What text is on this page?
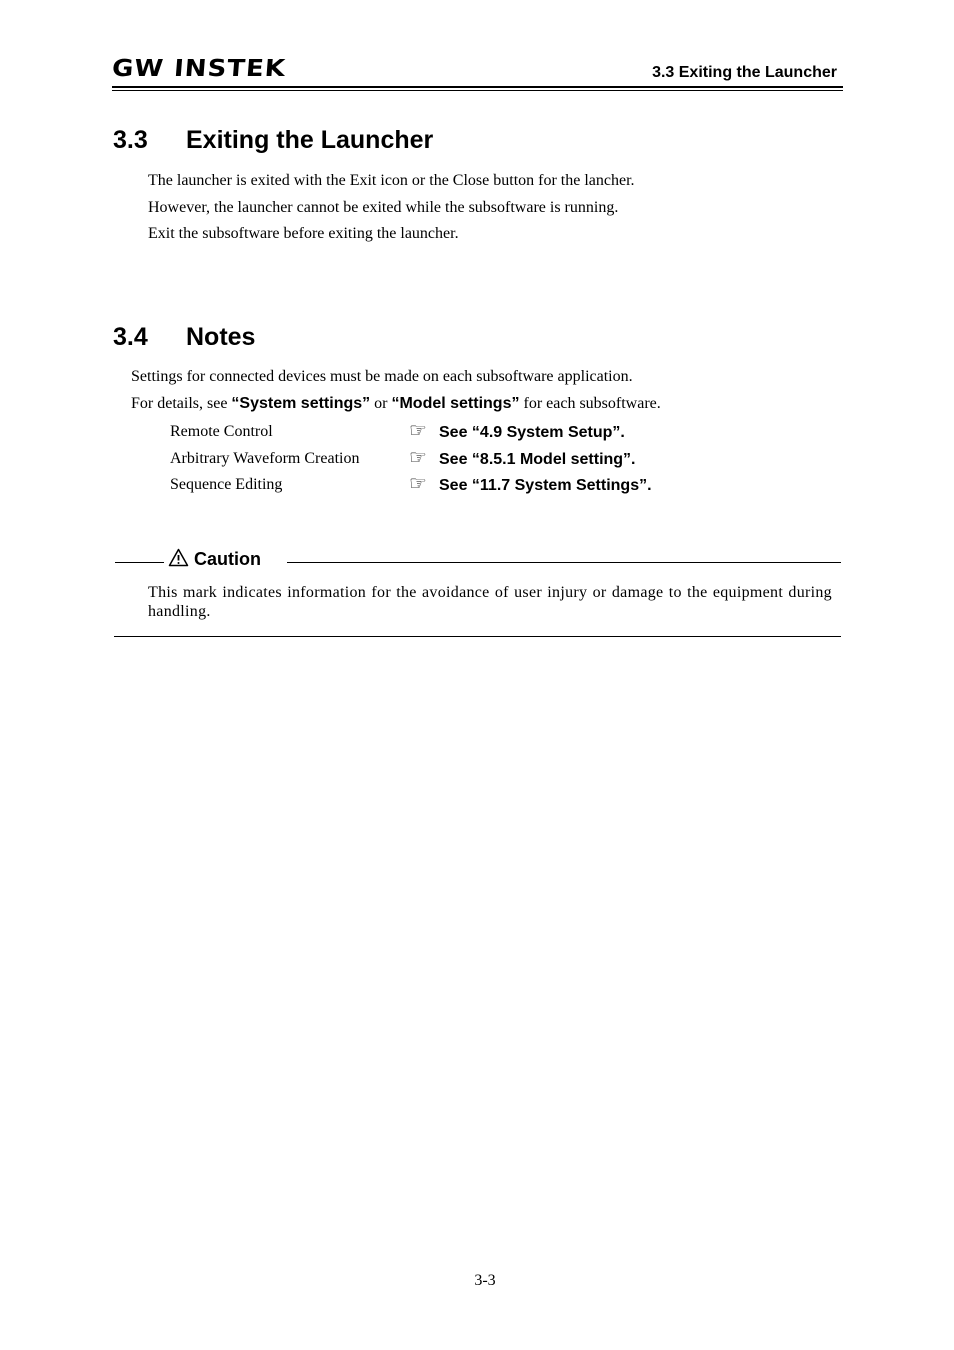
GW INSTEK	3.3 Exiting the Launcher
3.3 Exiting the Launcher
The launcher is exited with the Exit icon or the Close button for the lancher.
However, the launcher cannot be exited while the subsoftware is running.
Exit the subsoftware before exiting the launcher.
3.4 Notes
Settings for connected devices must be made on each subsoftware application.
For details, see “System settings” or “Model settings” for each subsoftware.
Remote Control	☞ See “4.9 System Setup”.
Arbitrary Waveform Creation ☞ See “8.5.1 Model setting”.
Sequence Editing	☞ See “11.7 System Settings”.
Caution
This mark indicates information for the avoidance of user injury or damage to the equipment during handling.
3-3
